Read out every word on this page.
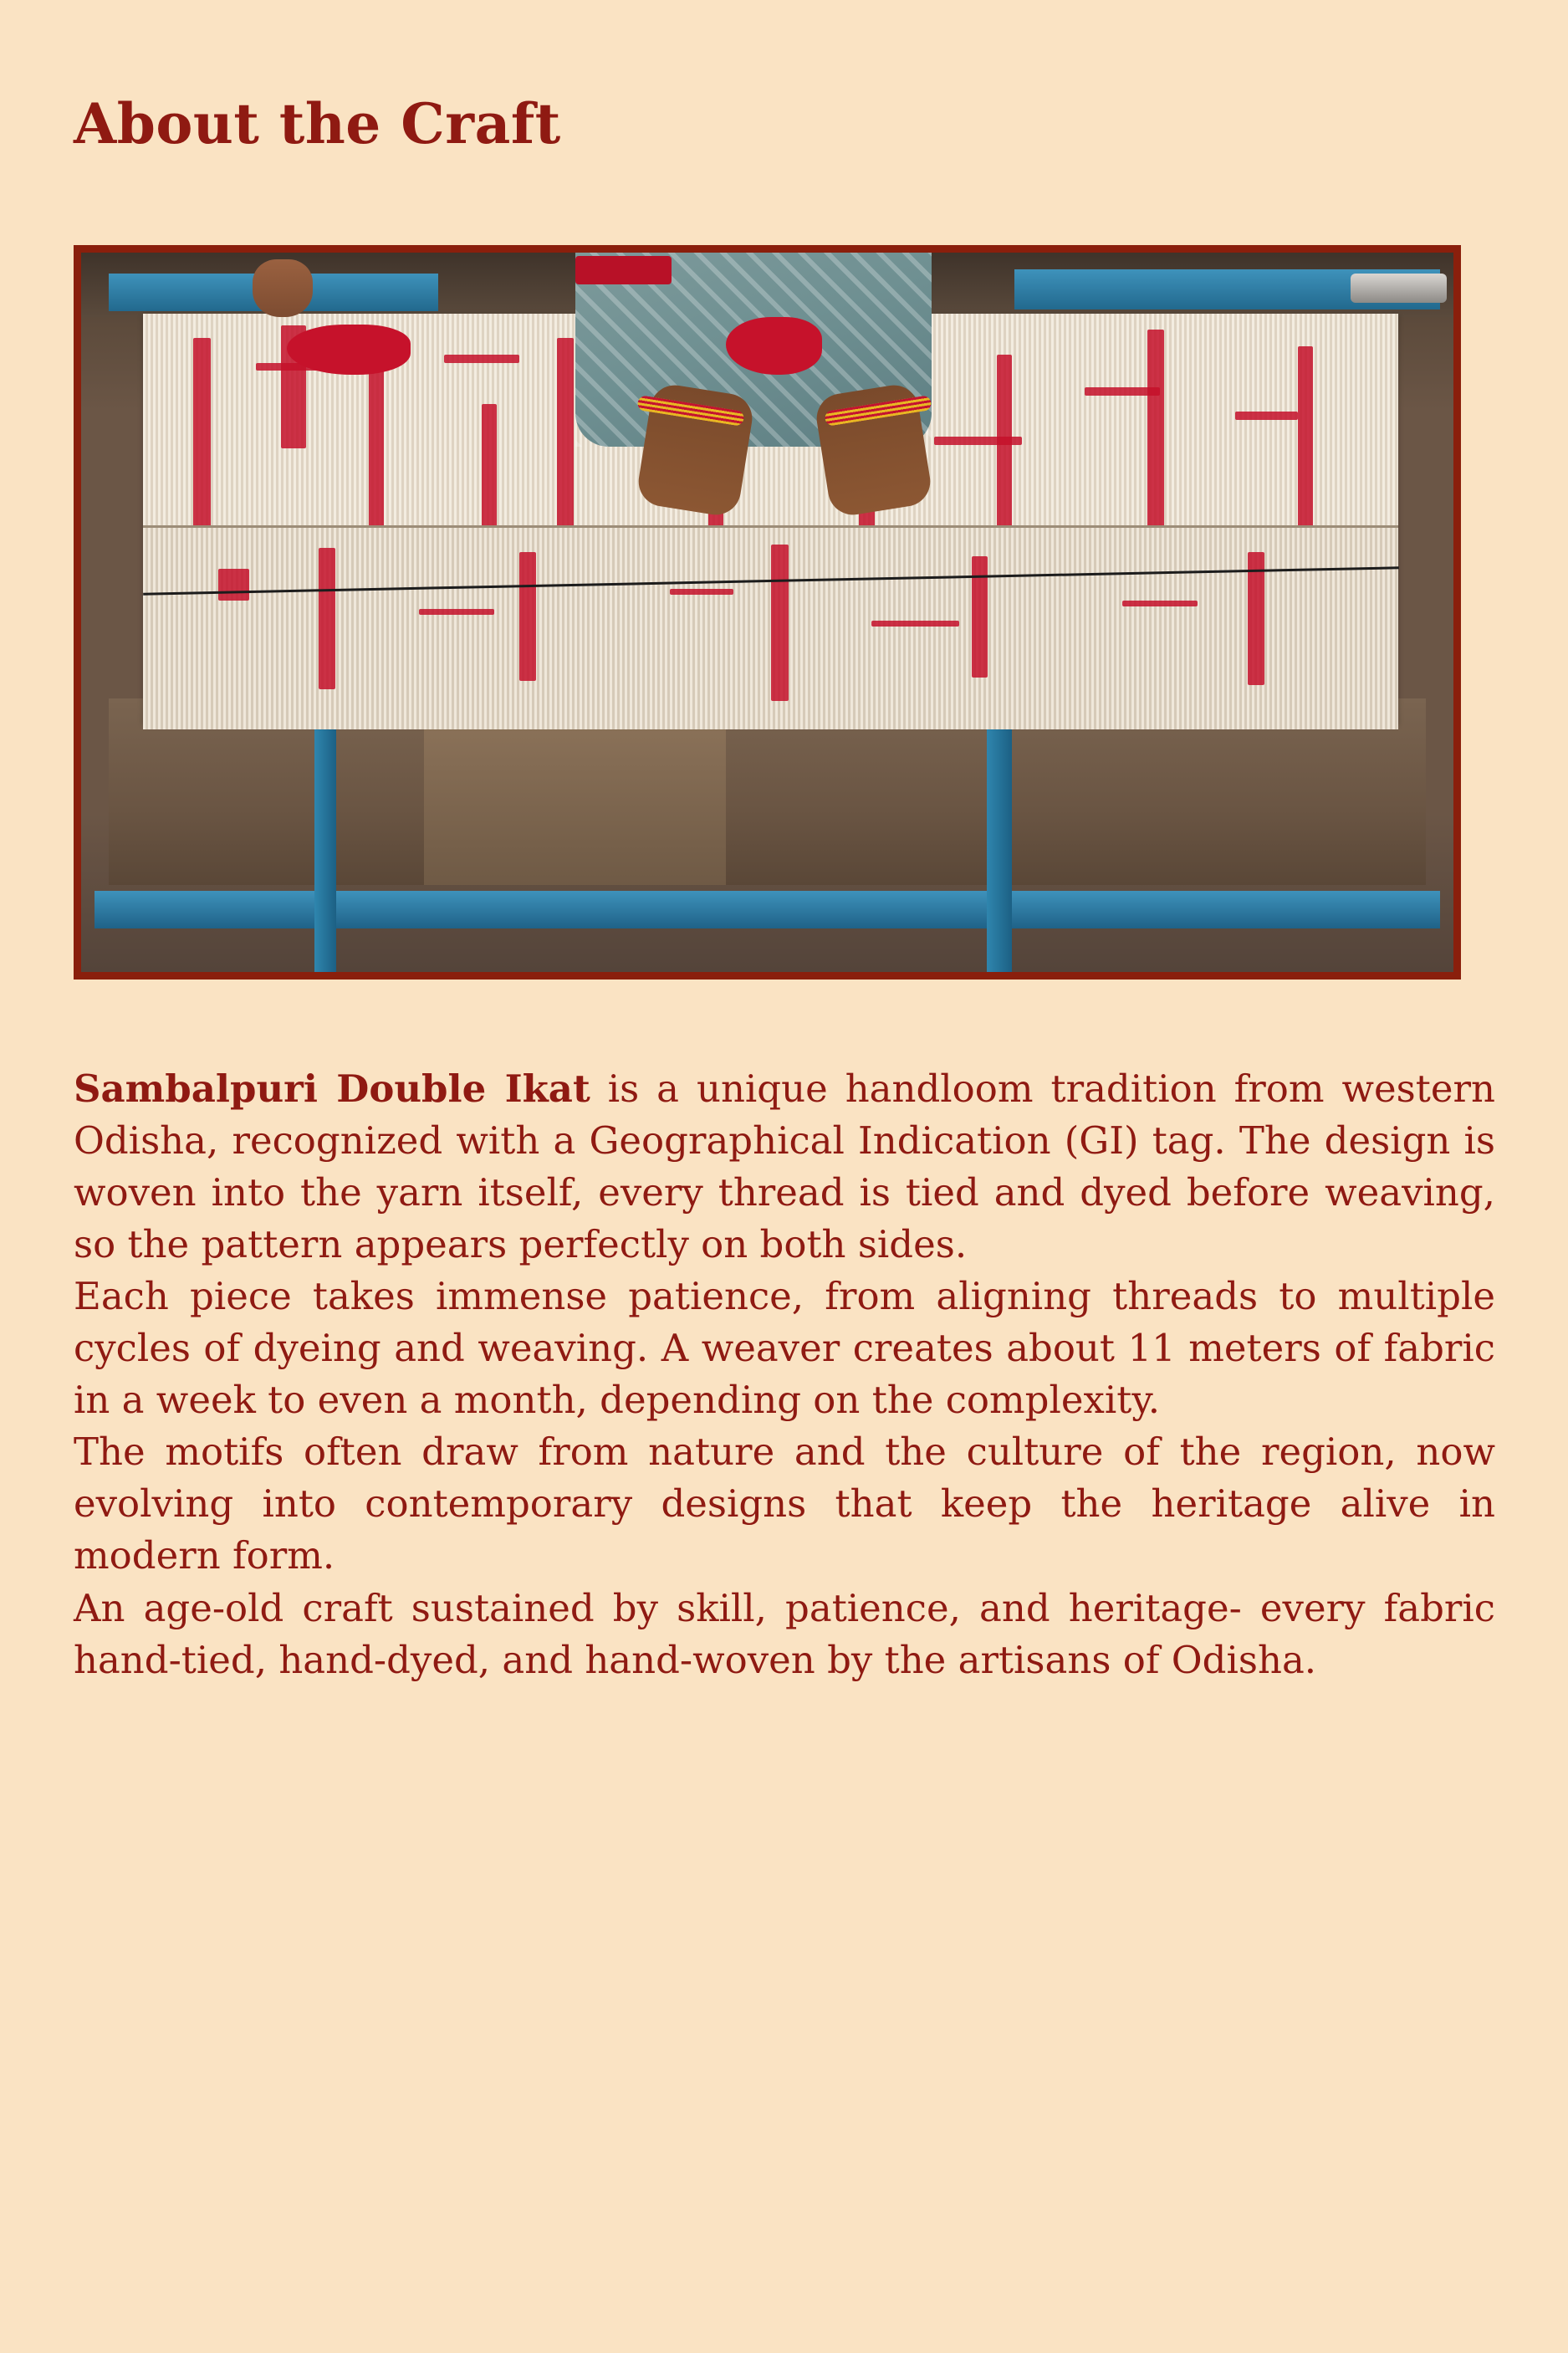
About the Craft

Sambalpuri Double Ikat is a unique handloom tradition from western Odisha, recognized with a Geographical Indication (GI) tag. The design is woven into the yarn itself, every thread is tied and dyed before weaving, so the pattern appears perfectly on both sides.

Each piece takes immense patience, from aligning threads to multiple cycles of dyeing and weaving. A weaver creates about 11 meters of fabric in a week to even a month, depending on the complexity.

The motifs often draw from nature and the culture of the region, now evolving into contemporary designs that keep the heritage alive in modern form.

An age-old craft sustained by skill, patience, and heritage- every fabric hand-tied, hand-dyed, and hand-woven by the artisans of Odisha.
